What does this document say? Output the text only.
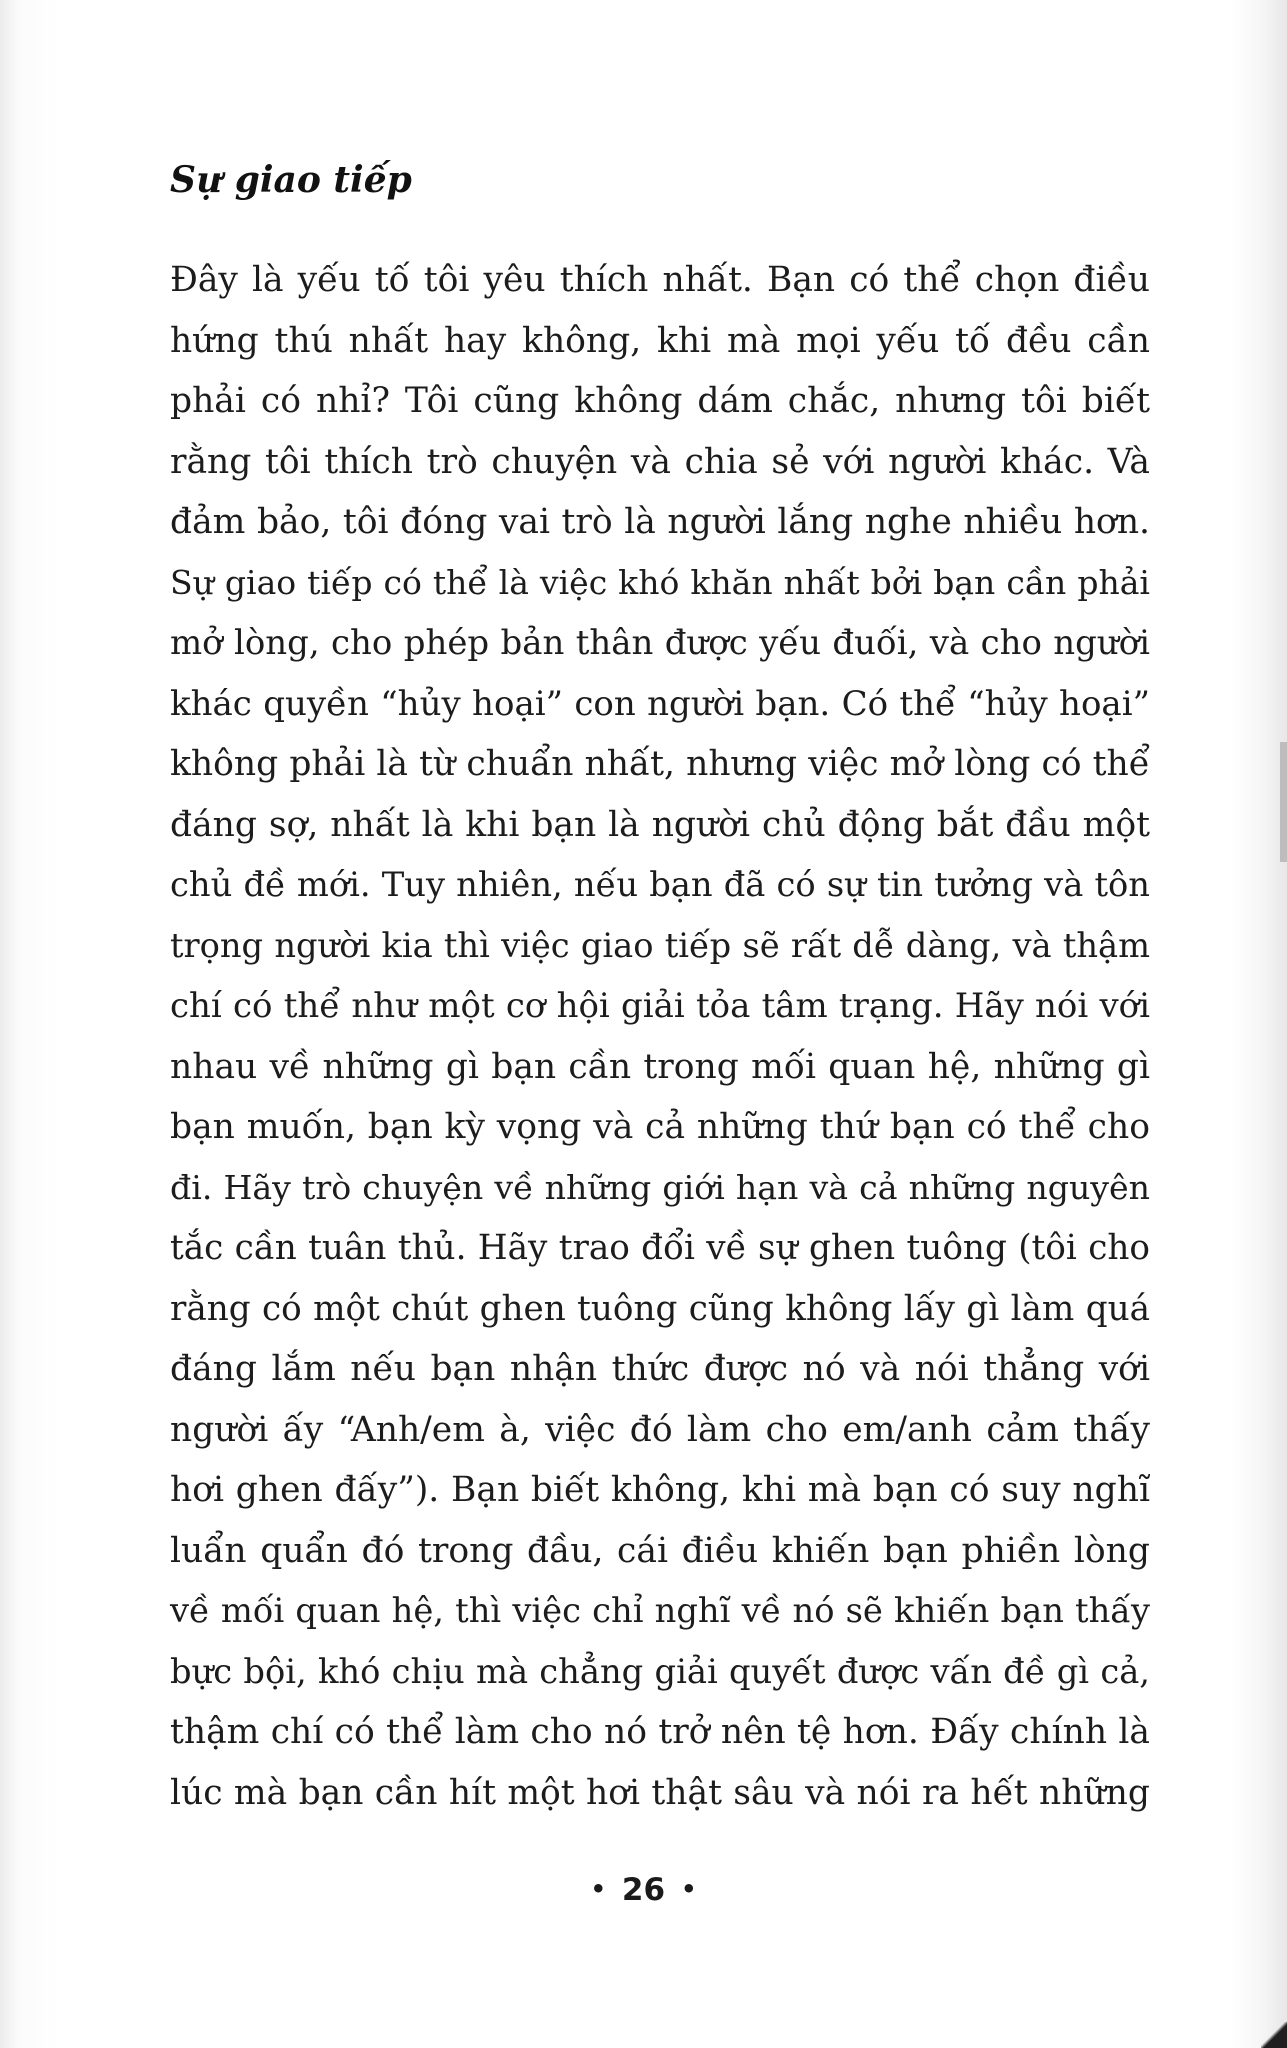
Sự giao tiếp
Đây là yếu tố tôi yêu thích nhất. Bạn có thể chọn điều
hứng thú nhất hay không, khi mà mọi yếu tố đều cần
phải có nhỉ? Tôi cũng không dám chắc, nhưng tôi biết
rằng tôi thích trò chuyện và chia sẻ với người khác. Và
đảm bảo, tôi đóng vai trò là người lắng nghe nhiều hơn.
Sự giao tiếp có thể là việc khó khăn nhất bởi bạn cần phải
mở lòng, cho phép bản thân được yếu đuối, và cho người
khác quyền “hủy hoại” con người bạn. Có thể “hủy hoại”
không phải là từ chuẩn nhất, nhưng việc mở lòng có thể
đáng sợ, nhất là khi bạn là người chủ động bắt đầu một
chủ đề mới. Tuy nhiên, nếu bạn đã có sự tin tưởng và tôn
trọng người kia thì việc giao tiếp sẽ rất dễ dàng, và thậm
chí có thể như một cơ hội giải tỏa tâm trạng. Hãy nói với
nhau về những gì bạn cần trong mối quan hệ, những gì
bạn muốn, bạn kỳ vọng và cả những thứ bạn có thể cho
đi. Hãy trò chuyện về những giới hạn và cả những nguyên
tắc cần tuân thủ. Hãy trao đổi về sự ghen tuông (tôi cho
rằng có một chút ghen tuông cũng không lấy gì làm quá
đáng lắm nếu bạn nhận thức được nó và nói thẳng với
người ấy “Anh/em à, việc đó làm cho em/anh cảm thấy
hơi ghen đấy”). Bạn biết không, khi mà bạn có suy nghĩ
luẩn quẩn đó trong đầu, cái điều khiến bạn phiền lòng
về mối quan hệ, thì việc chỉ nghĩ về nó sẽ khiến bạn thấy
bực bội, khó chịu mà chẳng giải quyết được vấn đề gì cả,
thậm chí có thể làm cho nó trở nên tệ hơn. Đấy chính là
lúc mà bạn cần hít một hơi thật sâu và nói ra hết những
• 26 •
